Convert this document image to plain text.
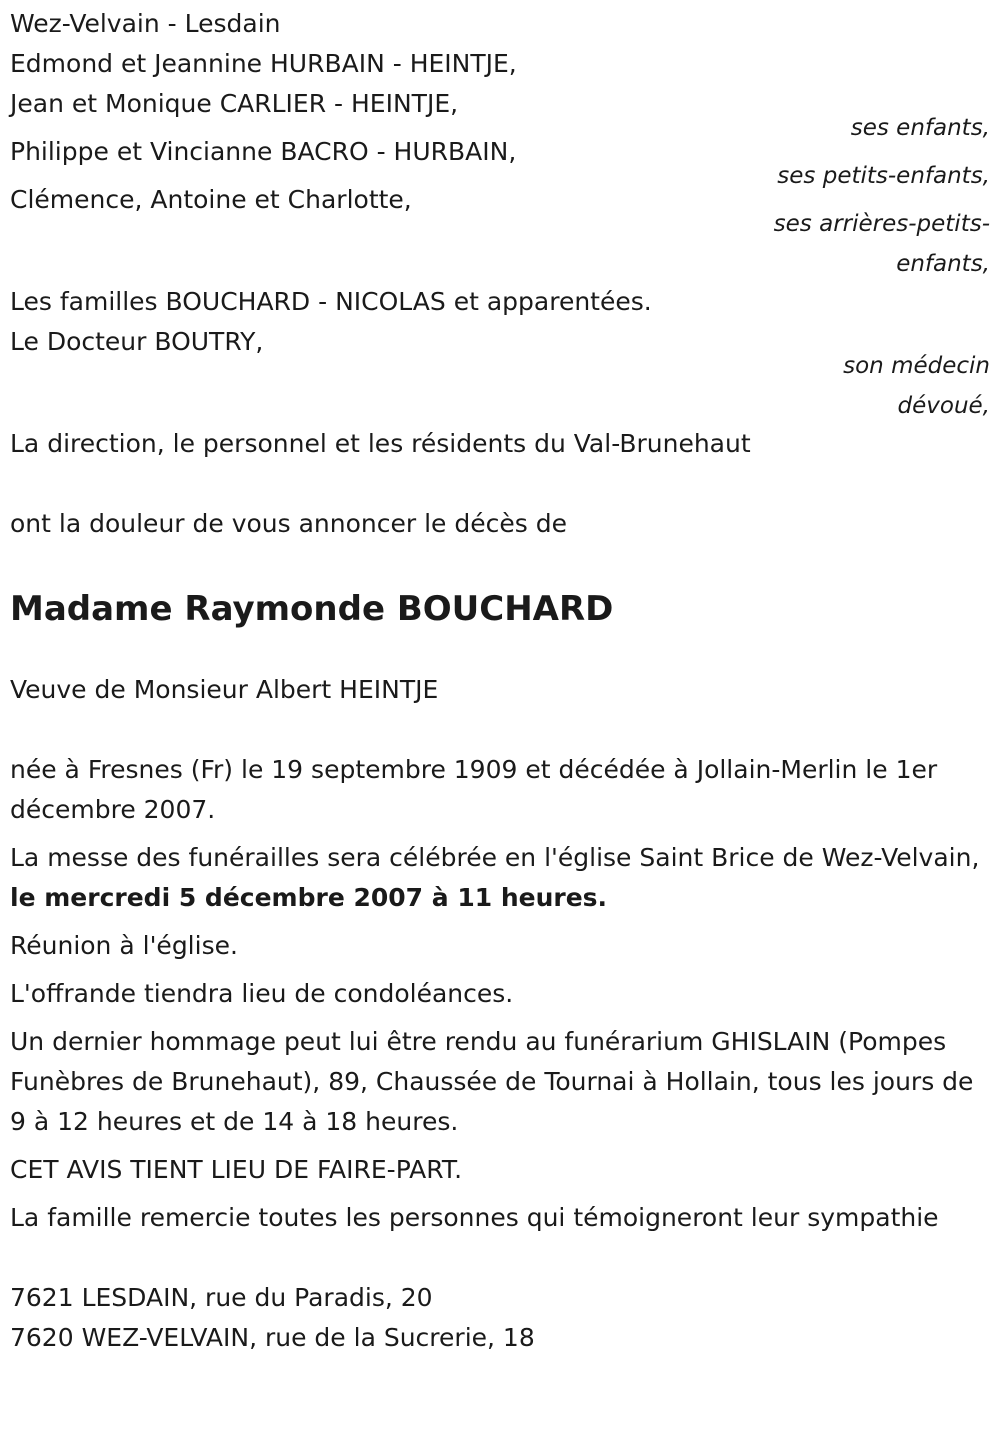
Wez-Velvain - Lesdain

Edmond et Jeannine HURBAIN - HEINTJE,

Jean et Monique CARLIER - HEINTJE,

ses enfants,

Philippe et Vincianne BACRO - HURBAIN,

ses petits-enfants,

Clémence, Antoine et Charlotte,

ses arrières-petits-

enfants,

Les familles BOUCHARD - NICOLAS et apparentées.

Le Docteur BOUTRY,

son médecin

dévoué,

La direction, le personnel et les résidents du Val-Brunehaut

ont la douleur de vous annoncer le décès de

Madame Raymonde BOUCHARD

Veuve de Monsieur Albert HEINTJE

née à Fresnes (Fr) le 19 septembre 1909 et décédée à Jollain-Merlin le 1er décembre 2007.

La messe des funérailles sera célébrée en l'église Saint Brice de Wez-Velvain, le mercredi 5 décembre 2007 à 11 heures.

Réunion à l'église.

L'offrande tiendra lieu de condoléances.

Un dernier hommage peut lui être rendu au funérarium GHISLAIN (Pompes Funèbres de Brunehaut), 89, Chaussée de Tournai à Hollain, tous les jours de 9 à 12 heures et de 14 à 18 heures.

CET AVIS TIENT LIEU DE FAIRE-PART.

La famille remercie toutes les personnes qui témoigneront leur sympathie

7621 LESDAIN, rue du Paradis, 20

7620 WEZ-VELVAIN, rue de la Sucrerie, 18
